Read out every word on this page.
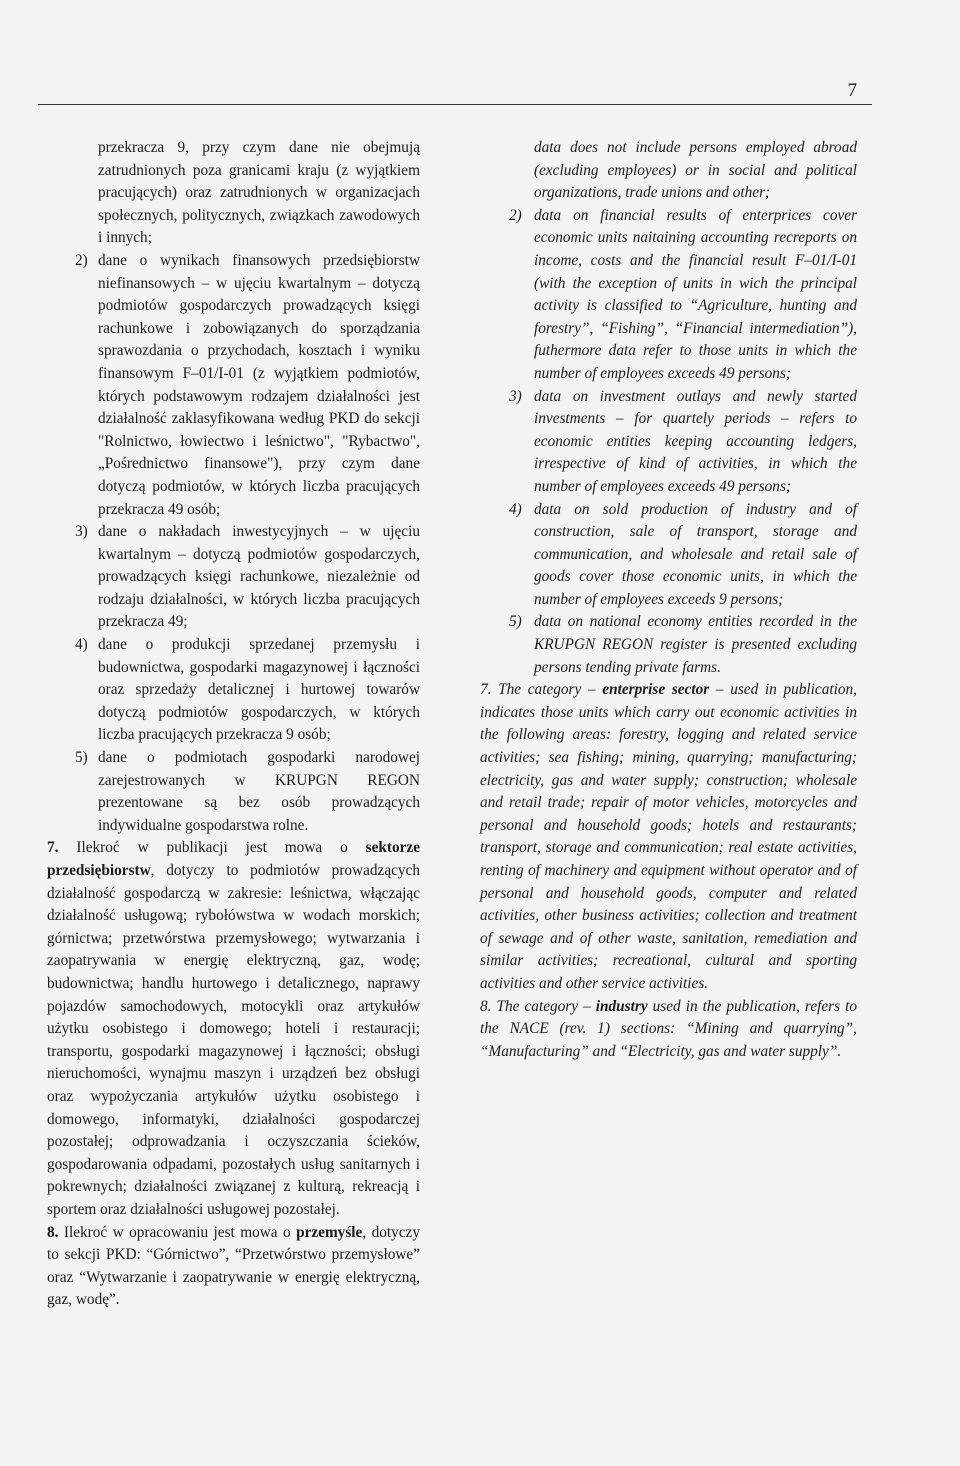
7

przekracza 9, przy czym dane nie obejmują zatrudnionych poza granicami kraju (z wyjątkiem pracujących) oraz zatrudnionych w organizacjach społecznych, politycznych, związkach zawodowych i innych;

2) dane o wynikach finansowych przedsiębiorstw niefinansowych – w ujęciu kwartalnym – dotyczą podmiotów gospodarczych prowadzących księgi rachunkowe i zobowiązanych do sporządzania sprawozdania o przychodach, kosztach i wyniku finansowym F–01/I-01 (z wyjątkiem podmiotów, których podstawowym rodzajem działalności jest działalność zaklasyfikowana według PKD do sekcji "Rolnictwo, łowiectwo i leśnictwo", "Rybactwo", „Pośrednictwo finansowe"), przy czym dane dotyczą podmiotów, w których liczba pracujących przekracza 49 osób;

3) dane o nakładach inwestycyjnych – w ujęciu kwartalnym – dotyczą podmiotów gospodarczych, prowadzących księgi rachunkowe, niezależnie od rodzaju działalności, w których liczba pracujących przekracza 49;

4) dane o produkcji sprzedanej przemysłu i budownictwa, gospodarki magazynowej i łączności oraz sprzedaży detalicznej i hurtowej towarów dotyczą podmiotów gospodarczych, w których liczba pracujących przekracza 9 osób;

5) dane o podmiotach gospodarki narodowej zarejestrowanych w KRUPGN REGON prezentowane są bez osób prowadzących indywidualne gospodarstwa rolne.

7. Ilekroć w publikacji jest mowa o sektorze przedsiębiorstw, dotyczy to podmiotów prowadzących działalność gospodarczą w zakresie: leśnictwa, włączając działalność usługową; rybołówstwa w wodach morskich; górnictwa; przetwórstwa przemysłowego; wytwarzania i zaopatrywania w energię elektryczną, gaz, wodę; budownictwa; handlu hurtowego i detalicznego, naprawy pojazdów samochodowych, motocykli oraz artykułów użytku osobistego i domowego; hoteli i restauracji; transportu, gospodarki magazynowej i łączności; obsługi nieruchomości, wynajmu maszyn i urządzeń bez obsługi oraz wypożyczania artykułów użytku osobistego i domowego, informatyki, działalności gospodarczej pozostałej; odprowadzania i oczyszczania ścieków, gospodarowania odpadami, pozostałych usług sanitarnych i pokrewnych; działalności związanej z kulturą, rekreacją i sportem oraz działalności usługowej pozostałej.

8. Ilekroć w opracowaniu jest mowa o przemyśle, dotyczy to sekcji PKD: “Górnictwo”, “Przetwórstwo przemysłowe” oraz “Wytwarzanie i zaopatrywanie w energię elektryczną, gaz, wodę”.

data does not include persons employed abroad (excluding employees) or in social and political organizations, trade unions and other;

2) data on financial results of enterprices cover economic units naitaining accounting recreports on income, costs and the financial result F–01/I-01 (with the exception of units in wich the principal activity is classified to “Agriculture, hunting and forestry”, “Fishing”, “Financial intermediation”), futhermore data refer to those units in which the number of employees exceeds 49 persons;

3) data on investment outlays and newly started investments – for quartely periods – refers to economic entities keeping accounting ledgers, irrespective of kind of activities, in which the number of employees exceeds 49 persons;

4) data on sold production of industry and of construction, sale of transport, storage and communication, and wholesale and retail sale of goods cover those economic units, in which the number of employees exceeds 9 persons;

5) data on national economy entities recorded in the KRUPGN REGON register is presented excluding persons tending private farms.

7. The category – enterprise sector – used in publication, indicates those units which carry out economic activities in the following areas: forestry, logging and related service activities; sea fishing; mining, quarrying; manufacturing; electricity, gas and water supply; construction; wholesale and retail trade; repair of motor vehicles, motorcycles and personal and household goods; hotels and restaurants; transport, storage and communication; real estate activities, renting of machinery and equipment without operator and of personal and household goods, computer and related activities, other business activities; collection and treatment of sewage and of other waste, sanitation, remediation and similar activities; recreational, cultural and sporting activities and other service activities.

8. The category – industry used in the publication, refers to the NACE (rev. 1) sections: “Mining and quarrying”, “Manufacturing” and “Electricity, gas and water supply”.
